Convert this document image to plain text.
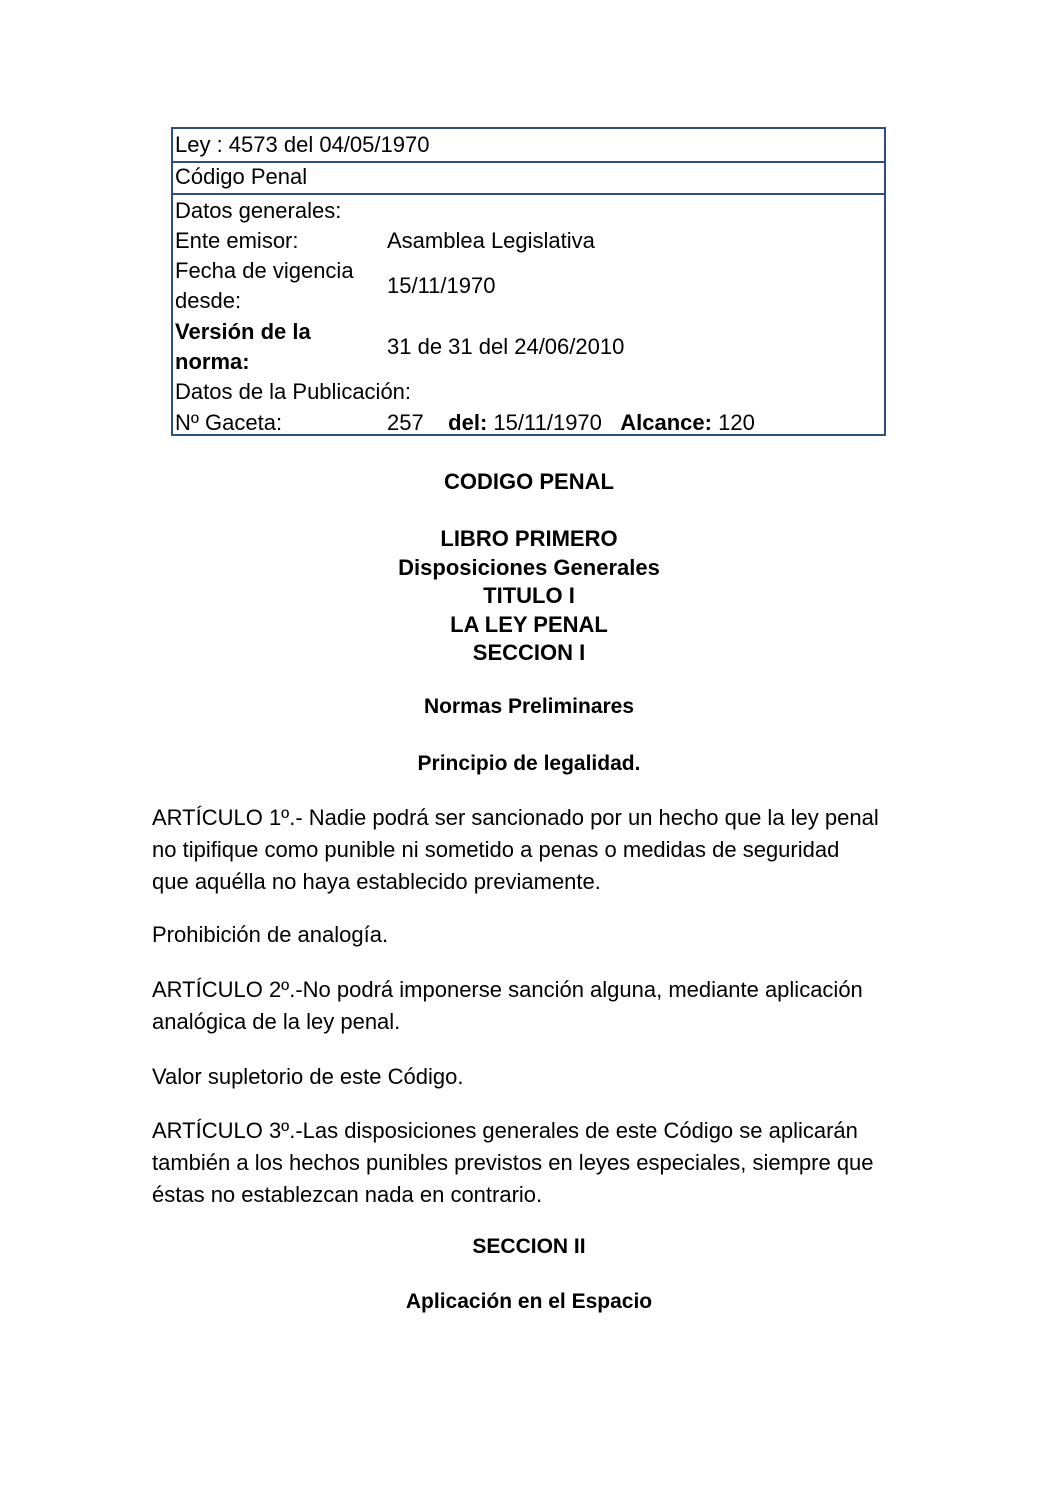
Ley : 4573 del 04/05/1970
Código Penal
Datos generales:
Ente emisor:	Asamblea Legislativa
Fecha de vigencia
desde:
15/11/1970
Versión de la
norma:
31 de 31 del 24/06/2010
Datos de la Publicación:
Nº Gaceta:	257 del: 15/11/1970 Alcance: 120
CODIGO PENAL
LIBRO PRIMERO
Disposiciones Generales
TITULO I
LA LEY PENAL
SECCION I
Normas Preliminares
Principio de legalidad.
ARTÍCULO 1º.- Nadie podrá ser sancionado por un hecho que la ley penal
no tipifique como punible ni sometido a penas o medidas de seguridad
que aquélla no haya establecido previamente.
Prohibición de analogía.
ARTÍCULO 2º.-No podrá imponerse sanción alguna, mediante aplicación
analógica de la ley penal.
Valor supletorio de este Código.
ARTÍCULO 3º.-Las disposiciones generales de este Código se aplicarán
también a los hechos punibles previstos en leyes especiales, siempre que
éstas no establezcan nada en contrario.
SECCION II
Aplicación en el Espacio
